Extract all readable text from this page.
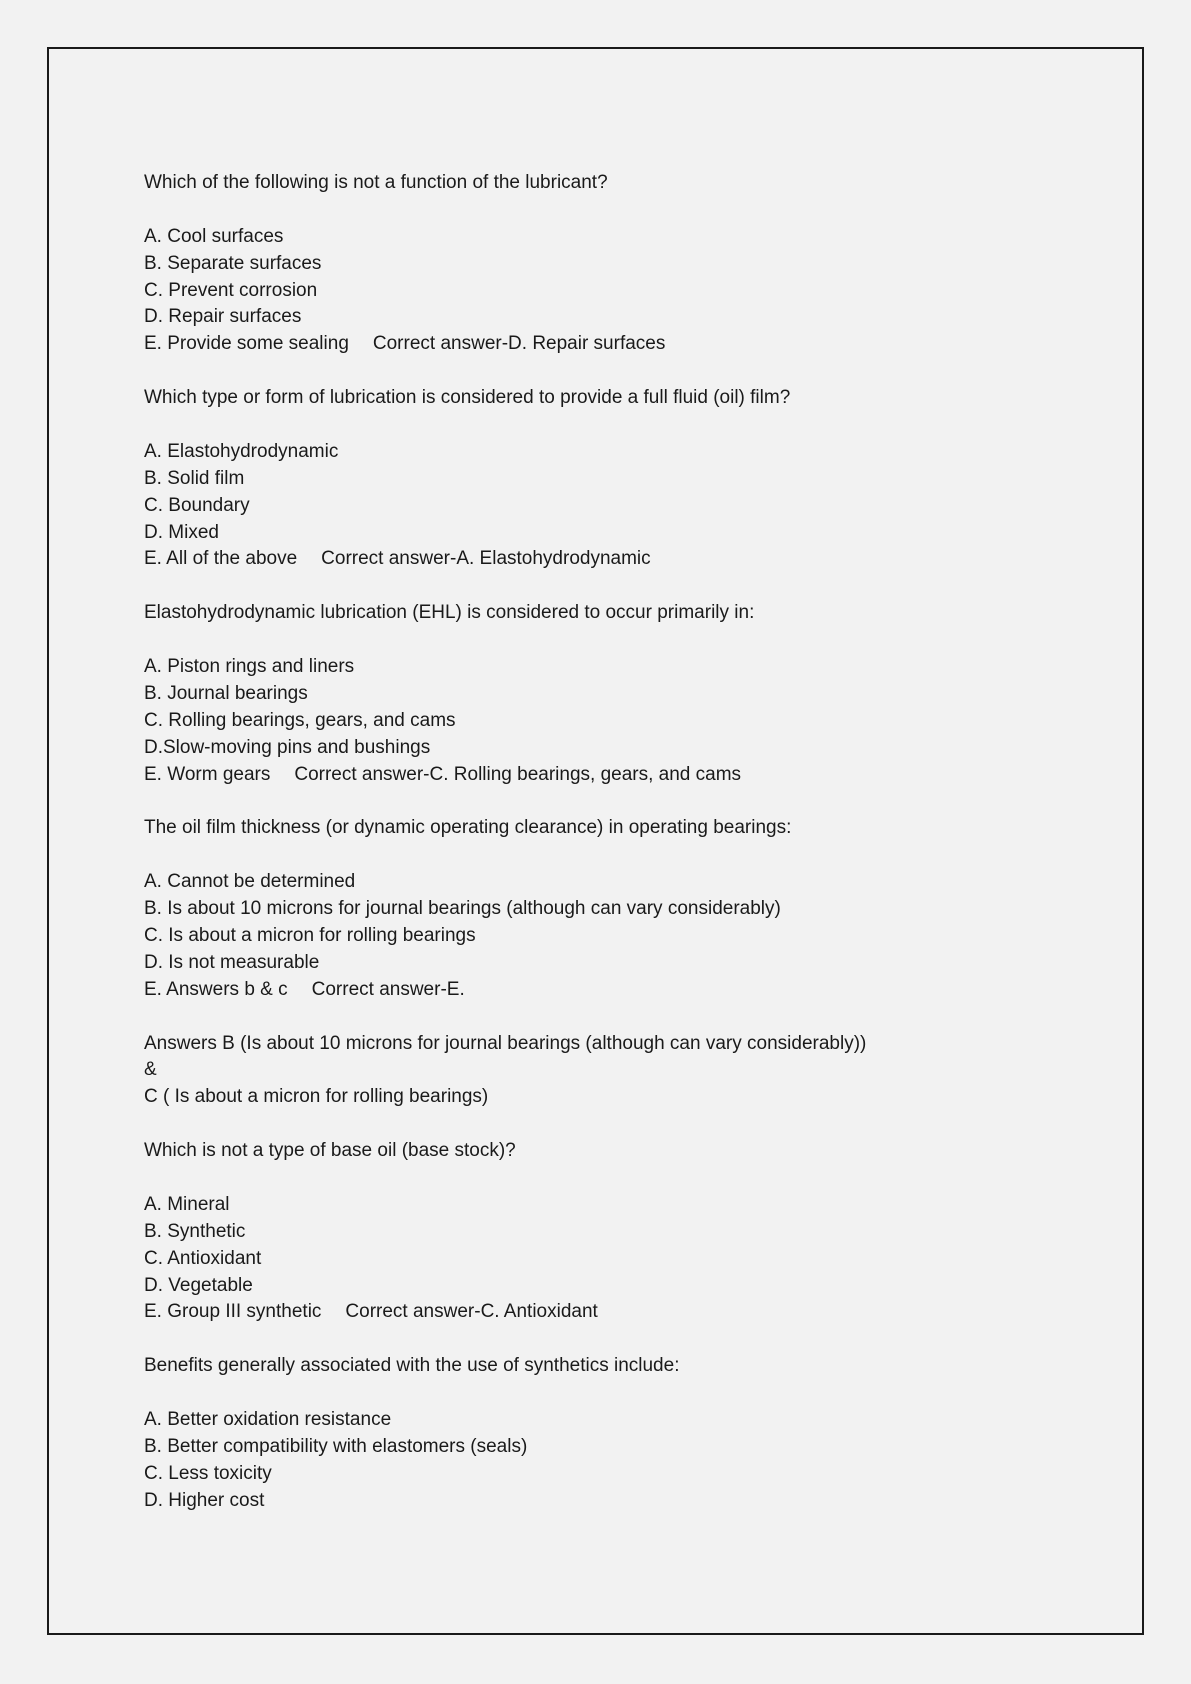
Which of the following is not a function of the lubricant?
A. Cool surfaces
B. Separate surfaces
C. Prevent corrosion
D. Repair surfaces
E. Provide some sealing Correct answer-D. Repair surfaces
Which type or form of lubrication is considered to provide a full fluid (oil) film?
A. Elastohydrodynamic
B. Solid film
C. Boundary
D. Mixed
E. All of the above Correct answer-A. Elastohydrodynamic
Elastohydrodynamic lubrication (EHL) is considered to occur primarily in:
A. Piston rings and liners
B. Journal bearings
C. Rolling bearings, gears, and cams
D.Slow-moving pins and bushings
E. Worm gears Correct answer-C. Rolling bearings, gears, and cams
The oil film thickness (or dynamic operating clearance) in operating bearings:
A. Cannot be determined
B. Is about 10 microns for journal bearings (although can vary considerably)
C. Is about a micron for rolling bearings
D. Is not measurable
E. Answers b & c Correct answer-E.
Answers B (Is about 10 microns for journal bearings (although can vary considerably))
&
C ( Is about a micron for rolling bearings)
Which is not a type of base oil (base stock)?
A. Mineral
B. Synthetic
C. Antioxidant
D. Vegetable
E. Group III synthetic Correct answer-C. Antioxidant
Benefits generally associated with the use of synthetics include:
A. Better oxidation resistance
B. Better compatibility with elastomers (seals)
C. Less toxicity
D. Higher cost
